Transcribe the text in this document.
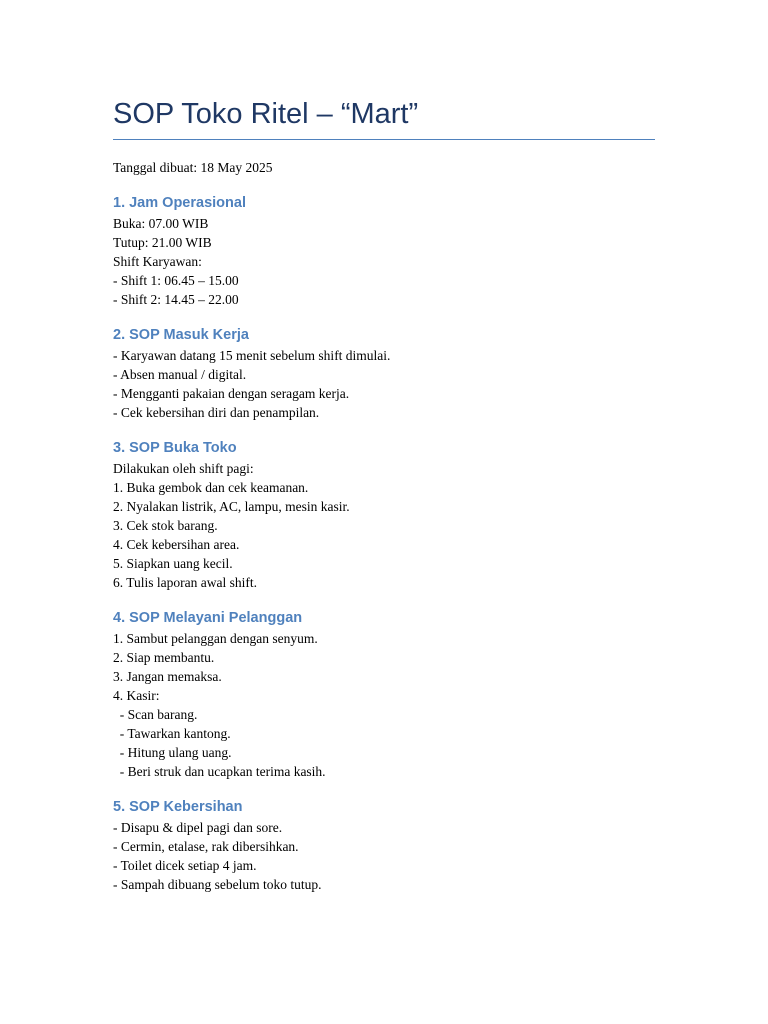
SOP Toko Ritel – “Mart”
Tanggal dibuat: 18 May 2025
1. Jam Operasional
Buka: 07.00 WIB
Tutup: 21.00 WIB
Shift Karyawan:
- Shift 1: 06.45 – 15.00
- Shift 2: 14.45 – 22.00
2. SOP Masuk Kerja
- Karyawan datang 15 menit sebelum shift dimulai.
- Absen manual / digital.
- Mengganti pakaian dengan seragam kerja.
- Cek kebersihan diri dan penampilan.
3. SOP Buka Toko
Dilakukan oleh shift pagi:
1. Buka gembok dan cek keamanan.
2. Nyalakan listrik, AC, lampu, mesin kasir.
3. Cek stok barang.
4. Cek kebersihan area.
5. Siapkan uang kecil.
6. Tulis laporan awal shift.
4. SOP Melayani Pelanggan
1. Sambut pelanggan dengan senyum.
2. Siap membantu.
3. Jangan memaksa.
4. Kasir:
- Scan barang.
- Tawarkan kantong.
- Hitung ulang uang.
- Beri struk dan ucapkan terima kasih.
5. SOP Kebersihan
- Disapu & dipel pagi dan sore.
- Cermin, etalase, rak dibersihkan.
- Toilet dicek setiap 4 jam.
- Sampah dibuang sebelum toko tutup.
